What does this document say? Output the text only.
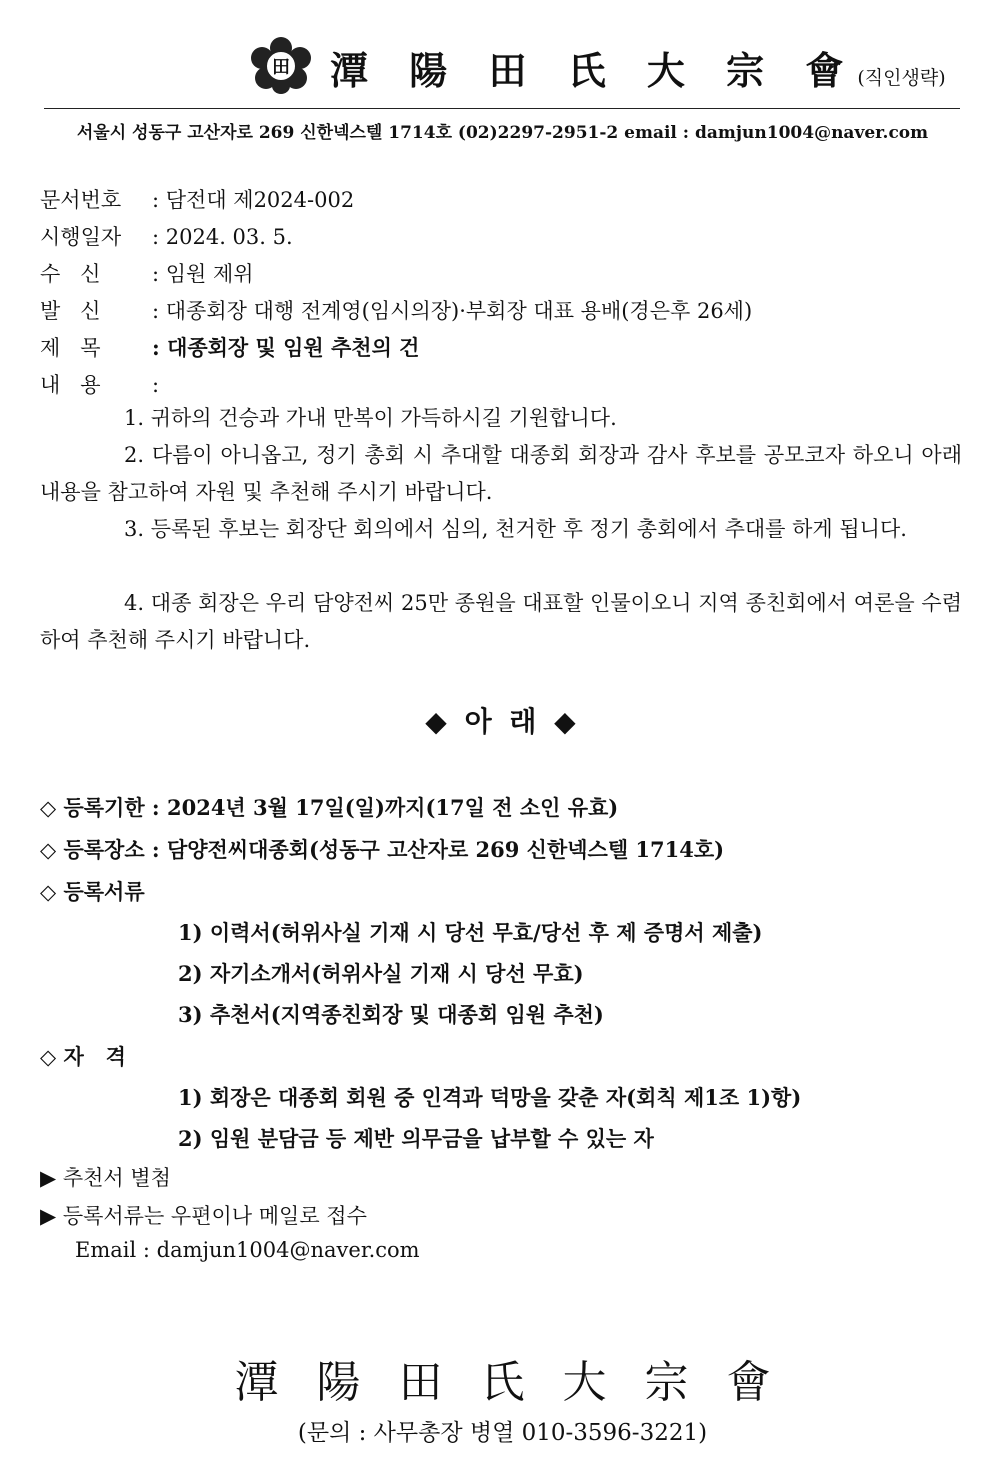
田 潭 陽 田 氏 大 宗 會(직인생략)
서울시 성동구 고산자로 269 신한넥스텔 1714호 (02)2297-2951-2 email : damjun1004@naver.com
문서번호 : 담전대 제2024-002
시행일자 : 2024. 03. 5.
수   신 : 임원 제위
발   신 : 대종회장 대행 전계영(임시의장)·부회장 대표 용배(경은후 26세)
제   목 : 대종회장 및 임원 추천의 건
내   용 :
1. 귀하의 건승과 가내 만복이 가득하시길 기원합니다.
2. 다름이 아니옵고, 정기 총회 시 추대할 대종회 회장과 감사 후보를 공모코자 하오니 아래 내용을 참고하여 자원 및 추천해 주시기 바랍니다.
3. 등록된 후보는 회장단 회의에서 심의, 천거한 후 정기 총회에서 추대를 하게 됩니다.
4. 대종 회장은 우리 담양전씨 25만 종원을 대표할 인물이오니 지역 종친회에서 여론을 수렴하여 추천해 주시기 바랍니다.
◆ 아 래 ◆
◇ 등록기한 : 2024년 3월 17일(일)까지(17일 전 소인 유효)
◇ 등록장소 : 담양전씨대종회(성동구 고산자로 269 신한넥스텔 1714호)
◇ 등록서류
1) 이력서(허위사실 기재 시 당선 무효/당선 후 제 증명서 제출)
2) 자기소개서(허위사실 기재 시 당선 무효)
3) 추천서(지역종친회장 및 대종회 임원 추천)
◇ 자   격
1) 회장은 대종회 회원 중 인격과 덕망을 갖춘 자(회칙 제1조 1)항)
2) 임원 분담금 등 제반 의무금을 납부할 수 있는 자
▶ 추천서 별첨
▶ 등록서류는 우편이나 메일로 접수
Email : damjun1004@naver.com
潭陽田氏大宗會
(문의 : 사무총장 병열 010-3596-3221)
